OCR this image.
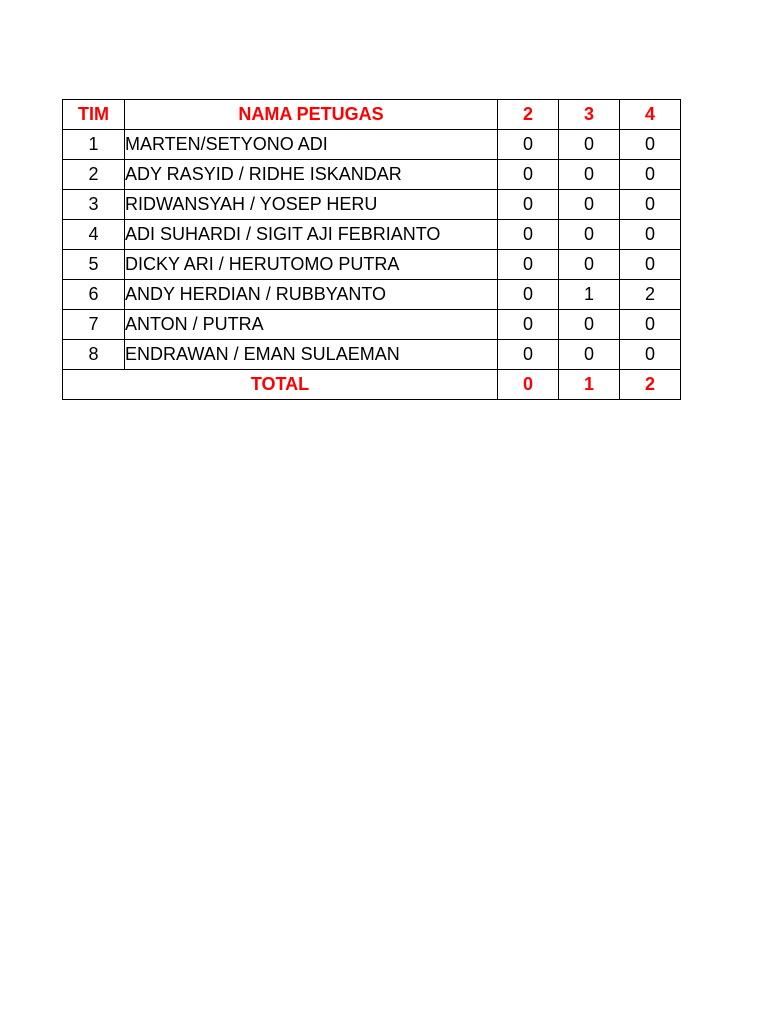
TIM	NAMA PETUGAS	2	3	4
1	MARTEN/SETYONO ADI	0	0	0
2	ADY RASYID / RIDHE ISKANDAR	0	0	0
3	RIDWANSYAH / YOSEP HERU	0	0	0
4	ADI SUHARDI / SIGIT AJI FEBRIANTO	0	0	0
5	DICKY ARI / HERUTOMO PUTRA	0	0	0
6	ANDY HERDIAN / RUBBYANTO	0	1	2
7	ANTON / PUTRA	0	0	0
8	ENDRAWAN / EMAN SULAEMAN	0	0	0
TOTAL		0	1	2
